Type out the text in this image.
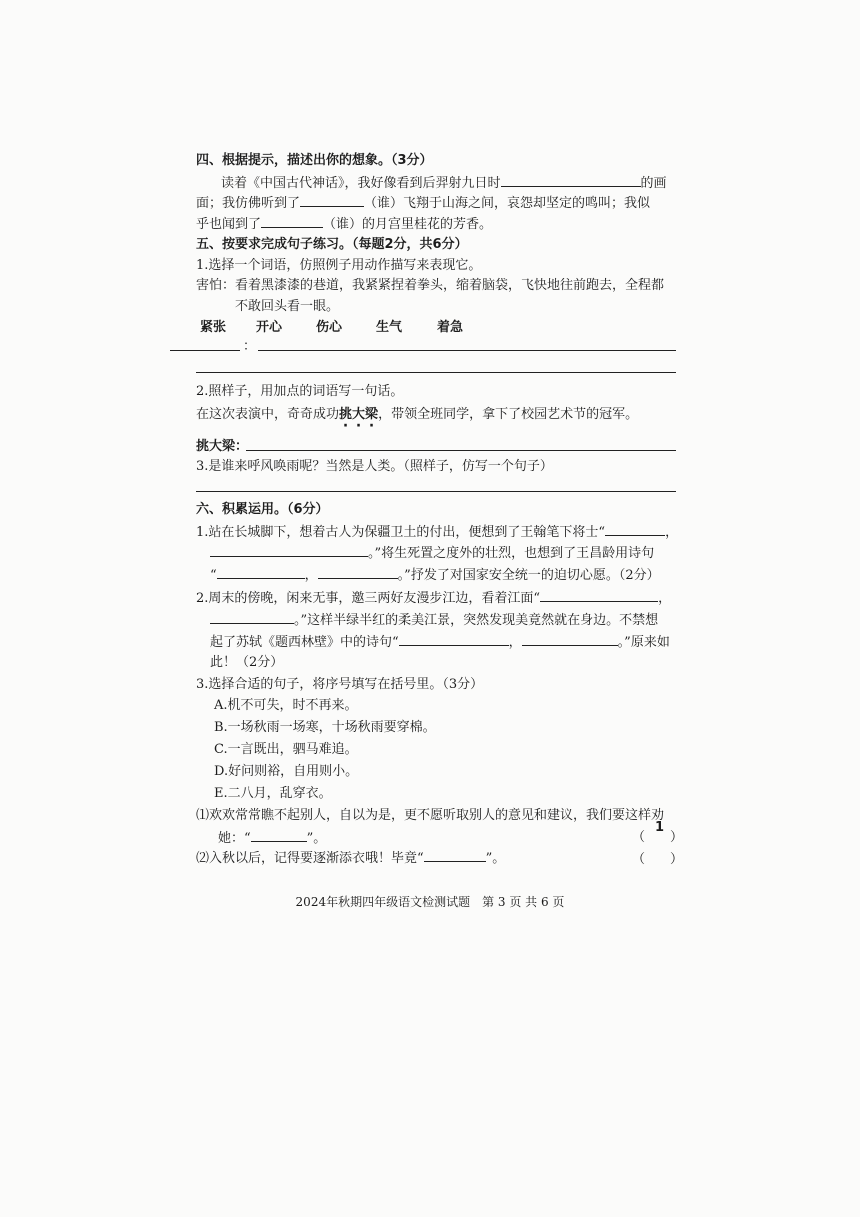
四、根据提示，描述出你的想象。（3分）
读着《中国古代神话》，我好像看到后羿射九日时	的画
面；我仿佛听到了	（谁）飞翔于山海之间，哀怨却坚定的鸣叫；我似
乎也闻到了	（谁）的月宫里桂花的芳香。
五、按要求完成句子练习。（每题2分，共6分）
1.选择一个词语，仿照例子用动作描写来表现它。
害怕：看着黑漆漆的巷道，我紧紧捏着拳头，缩着脑袋，飞快地往前跑去，全程都
不敢回头看一眼。
紧张 开心	伤心	生气	着急
：
2.照样子，用加点的词语写一句话。
在这次表演中，奇奇成功挑大梁，带领全班同学，拿下了校园艺术节的冠军。
挑大梁：
3.是谁来呼风唤雨呢？当然是人类。（照样子，仿写一个句子）
六、积累运用。（6分）
1.站在长城脚下，想着古人为保疆卫土的付出，便想到了王翰笔下将士“	，
。”将生死置之度外的壮烈，也想到了王昌龄用诗句
“	，	。”抒发了对国家安全统一的迫切心愿。（2分）
2.周末的傍晚，闲来无事，邀三两好友漫步江边，看着江面“	，
。”这样半绿半红的柔美江景，突然发现美竟然就在身边。不禁想
起了苏轼《题西林壁》中的诗句“	，	。”原来如
此！（2分）
3.选择合适的句子，将序号填写在括号里。（3分）
A.机不可失，时不再来。
B.一场秋雨一场寒，十场秋雨要穿棉。
C.一言既出，驷马难追。
D.好问则裕，自用则小。
E.二八月，乱穿衣。
⑴欢欢常常瞧不起别人，自以为是，更不愿听取别人的意见和建议，我们要这样劝
她：“	”。	（
1
）
⑵入秋以后，记得要逐渐添衣哦！毕竟“	”。	（ ）
2024年秋期四年级语文检测试题　第 3 页 共 6 页
